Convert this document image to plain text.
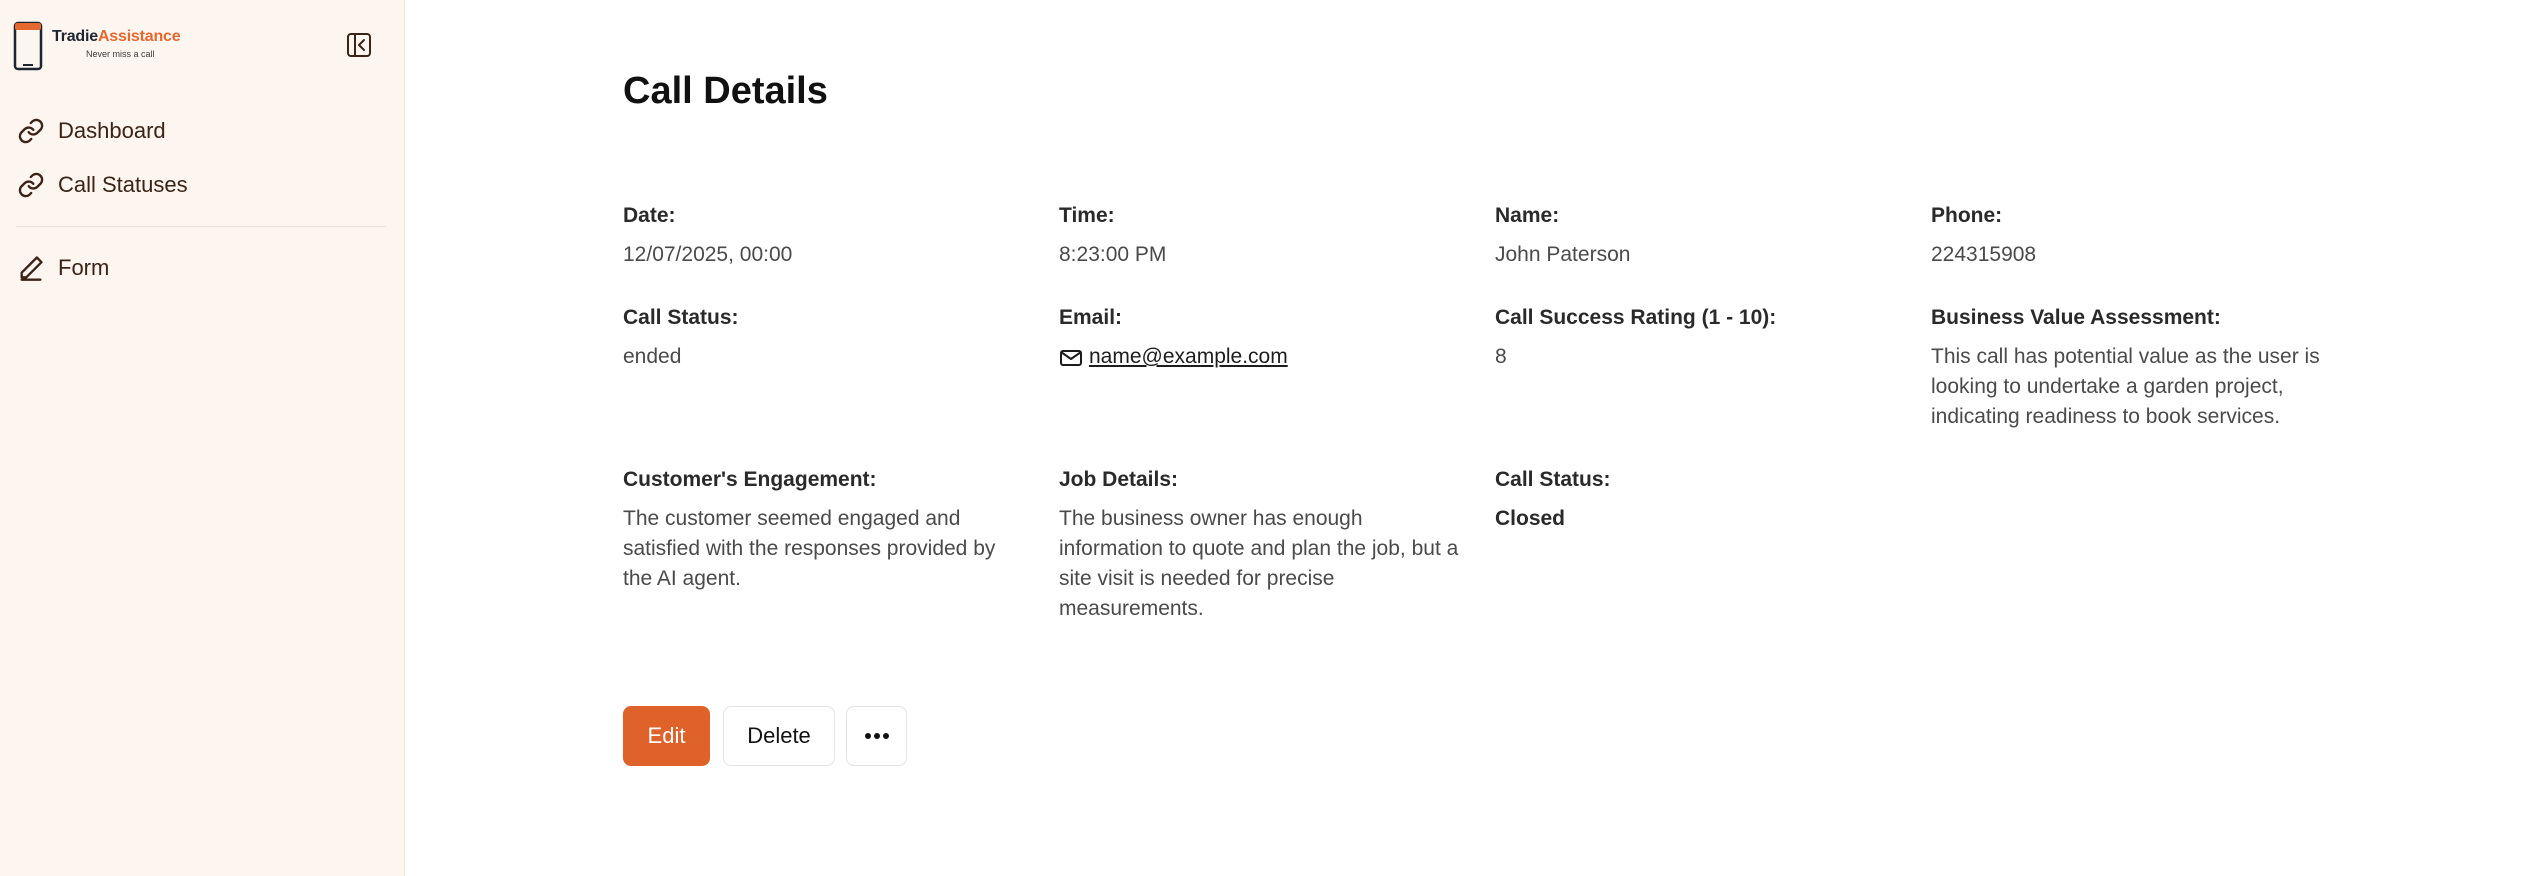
TradieAssistance
Never miss a call
Dashboard
Call Statuses
Form
Call Details
Date:
12/07/2025, 00:00
Time:
8:23:00 PM
Name:
John Paterson
Phone:
224315908
Call Status:
ended
Email:
name@example.com
Call Success Rating (1 - 10):
8
Business Value Assessment:
This call has potential value as the user is looking to undertake a garden project, indicating readiness to book services.
Customer's Engagement:
The customer seemed engaged and satisfied with the responses provided by the AI agent.
Job Details:
The business owner has enough information to quote and plan the job, but a site visit is needed for precise measurements.
Call Status:
Closed
Edit	Delete
